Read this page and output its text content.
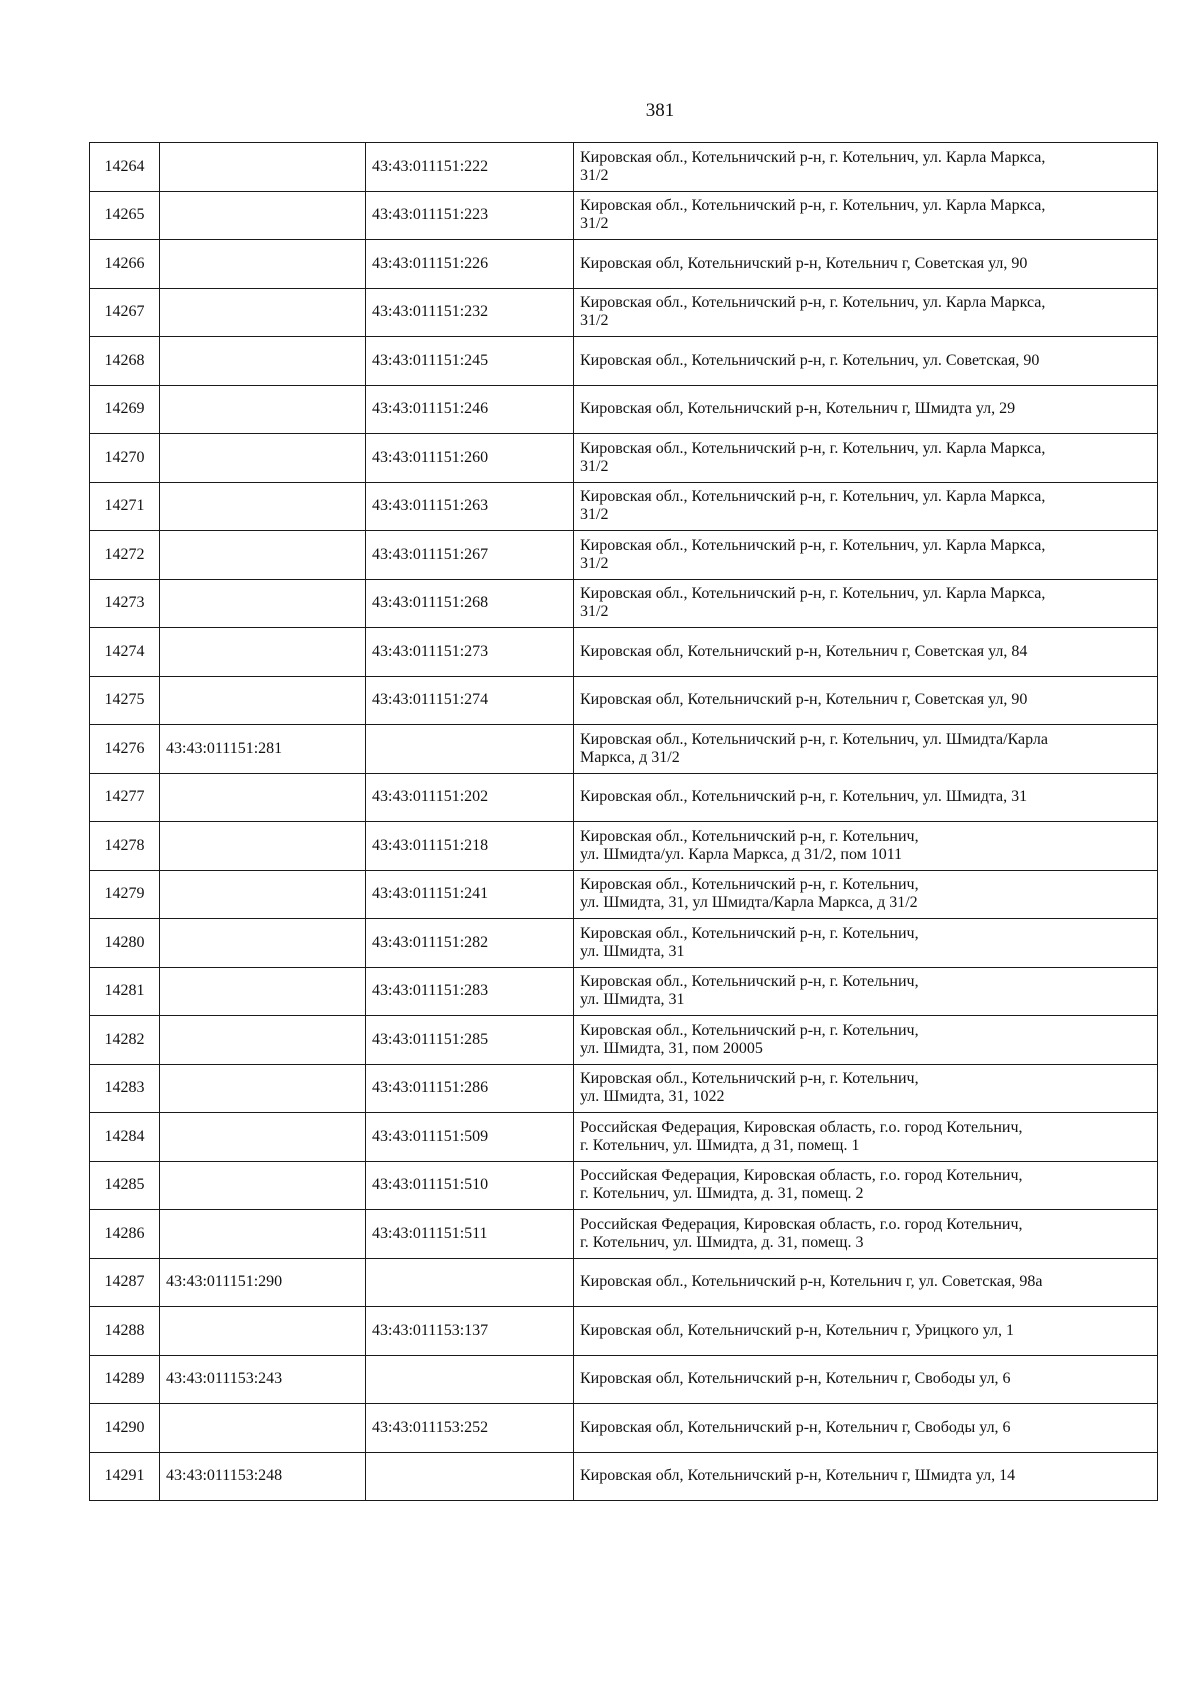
381
14264		43:43:011151:222	Кировская обл., Котельничский р-н, г. Котельнич, ул. Карла Маркса,
31/2
14265		43:43:011151:223	Кировская обл., Котельничский р-н, г. Котельнич, ул. Карла Маркса,
31/2
14266		43:43:011151:226	Кировская обл, Котельничский р-н, Котельнич г, Советская ул, 90
14267		43:43:011151:232	Кировская обл., Котельничский р-н, г. Котельнич, ул. Карла Маркса,
31/2
14268		43:43:011151:245	Кировская обл., Котельничский р-н, г. Котельнич, ул. Советская, 90
14269		43:43:011151:246	Кировская обл, Котельничский р-н, Котельнич г, Шмидта ул, 29
14270		43:43:011151:260	Кировская обл., Котельничский р-н, г. Котельнич, ул. Карла Маркса,
31/2
14271		43:43:011151:263	Кировская обл., Котельничский р-н, г. Котельнич, ул. Карла Маркса,
31/2
14272		43:43:011151:267	Кировская обл., Котельничский р-н, г. Котельнич, ул. Карла Маркса,
31/2
14273		43:43:011151:268	Кировская обл., Котельничский р-н, г. Котельнич, ул. Карла Маркса,
31/2
14274		43:43:011151:273	Кировская обл, Котельничский р-н, Котельнич г, Советская ул, 84
14275		43:43:011151:274	Кировская обл, Котельничский р-н, Котельнич г, Советская ул, 90
14276	43:43:011151:281		Кировская обл., Котельничский р-н, г. Котельнич, ул. Шмидта/Карла
Маркса, д 31/2
14277		43:43:011151:202	Кировская обл., Котельничский р-н, г. Котельнич, ул. Шмидта, 31
14278		43:43:011151:218	Кировская обл., Котельничский р-н, г. Котельнич,
ул. Шмидта/ул. Карла Маркса, д 31/2, пом 1011
14279		43:43:011151:241	Кировская обл., Котельничский р-н, г. Котельнич,
ул. Шмидта, 31, ул Шмидта/Карла Маркса, д 31/2
14280		43:43:011151:282	Кировская обл., Котельничский р-н, г. Котельнич,
ул. Шмидта, 31
14281		43:43:011151:283	Кировская обл., Котельничский р-н, г. Котельнич,
ул. Шмидта, 31
14282		43:43:011151:285	Кировская обл., Котельничский р-н, г. Котельнич,
ул. Шмидта, 31, пом 20005
14283		43:43:011151:286	Кировская обл., Котельничский р-н, г. Котельнич,
ул. Шмидта, 31, 1022
14284		43:43:011151:509	Российская Федерация, Кировская область, г.о. город Котельнич,
г. Котельнич, ул. Шмидта, д 31, помещ. 1
14285		43:43:011151:510	Российская Федерация, Кировская область, г.о. город Котельнич,
г. Котельнич, ул. Шмидта, д. 31, помещ. 2
14286		43:43:011151:511	Российская Федерация, Кировская область, г.о. город Котельнич,
г. Котельнич, ул. Шмидта, д. 31, помещ. 3
14287	43:43:011151:290		Кировская обл., Котельничский р-н, Котельнич г, ул. Советская, 98а
14288		43:43:011153:137	Кировская обл, Котельничский р-н, Котельнич г, Урицкого ул, 1
14289	43:43:011153:243		Кировская обл, Котельничский р-н, Котельнич г, Свободы ул, 6
14290		43:43:011153:252	Кировская обл, Котельничский р-н, Котельнич г, Свободы ул, 6
14291	43:43:011153:248		Кировская обл, Котельничский р-н, Котельнич г, Шмидта ул, 14
